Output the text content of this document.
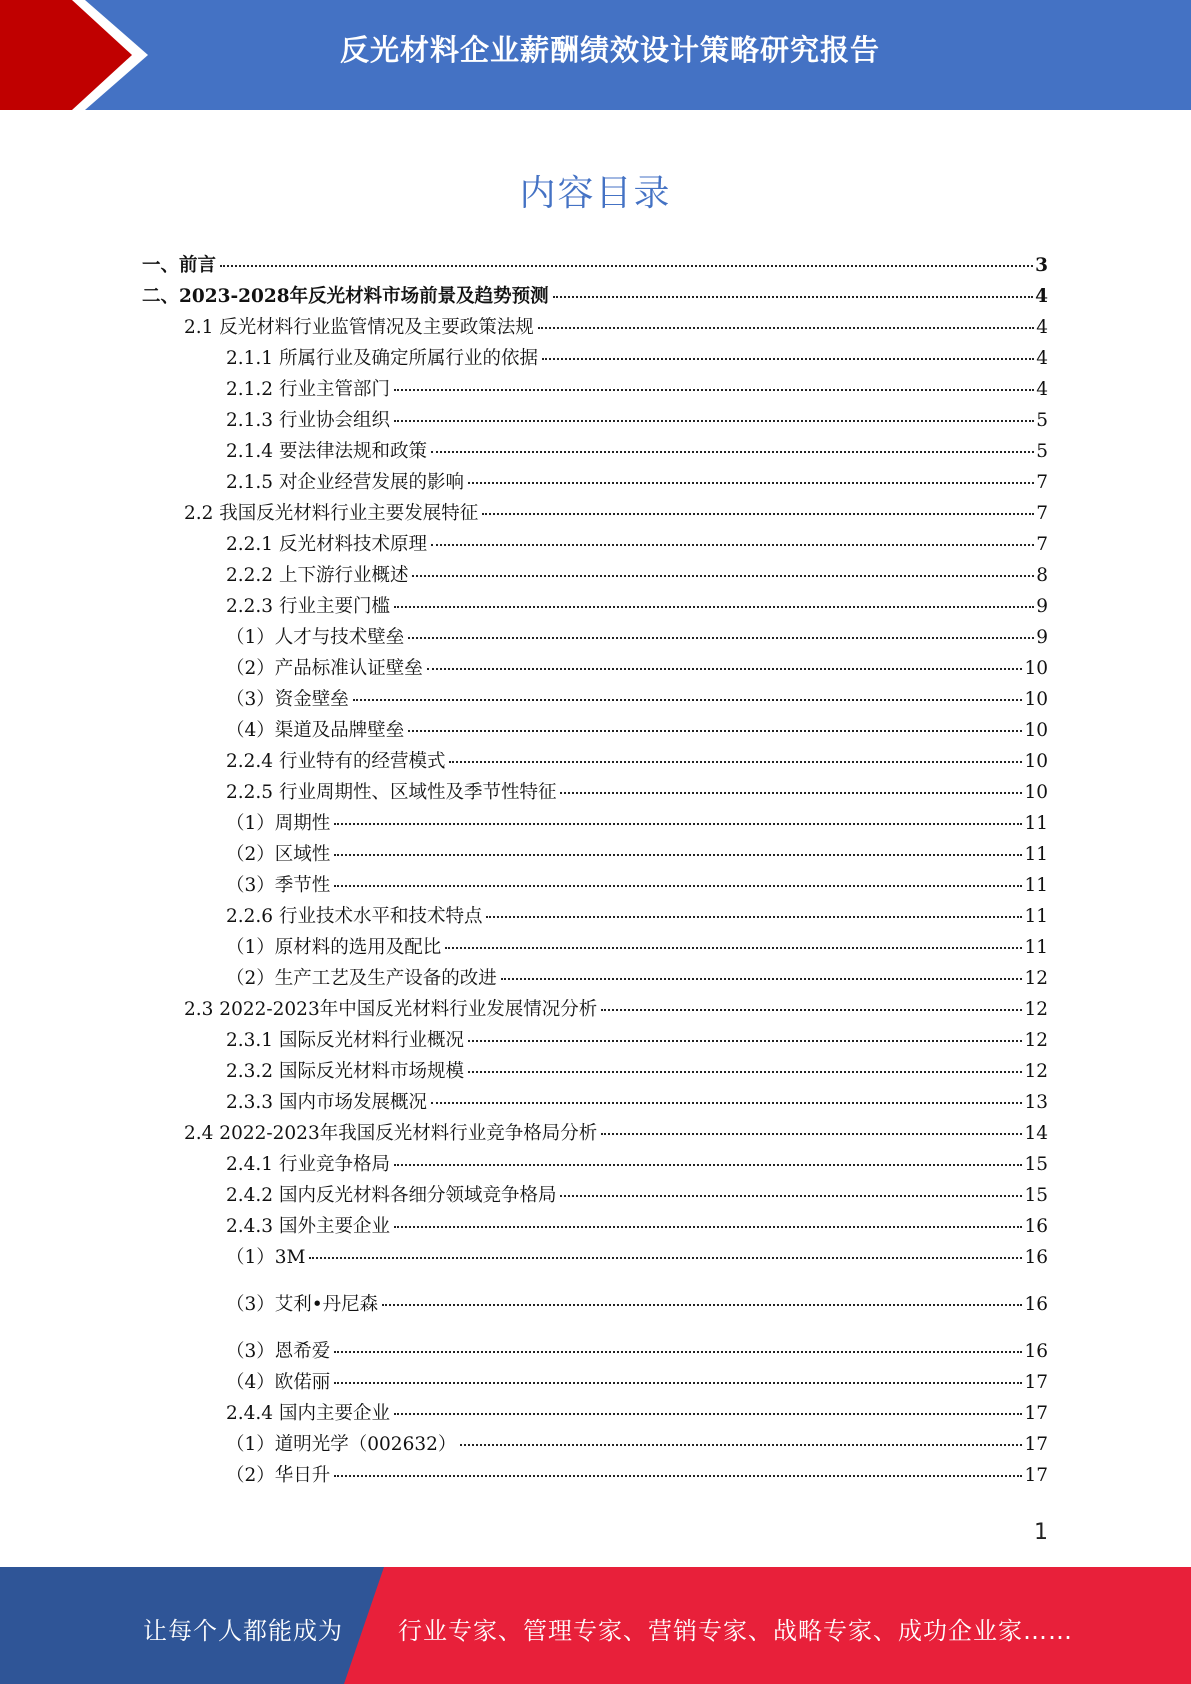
反光材料企业薪酬绩效设计策略研究报告
内容目录
一、前言	3
二、2023-2028年反光材料市场前景及趋势预测	4
2.1 反光材料行业监管情况及主要政策法规	4
2.1.1 所属行业及确定所属行业的依据	4
2.1.2 行业主管部门	4
2.1.3 行业协会组织	5
2.1.4 要法律法规和政策	5
2.1.5 对企业经营发展的影响	7
2.2 我国反光材料行业主要发展特征	7
2.2.1 反光材料技术原理	7
2.2.2 上下游行业概述	8
2.2.3 行业主要门槛	9
（1）人才与技术壁垒	9
（2）产品标准认证壁垒	10
（3）资金壁垒	10
（4）渠道及品牌壁垒	10
2.2.4 行业特有的经营模式	10
2.2.5 行业周期性、区域性及季节性特征	10
（1）周期性	11
（2）区域性	11
（3）季节性	11
2.2.6 行业技术水平和技术特点	11
（1）原材料的选用及配比	11
（2）生产工艺及生产设备的改进	12
2.3 2022-2023年中国反光材料行业发展情况分析	12
2.3.1 国际反光材料行业概况	12
2.3.2 国际反光材料市场规模	12
2.3.3 国内市场发展概况	13
2.4 2022-2023年我国反光材料行业竞争格局分析	14
2.4.1 行业竞争格局	15
2.4.2 国内反光材料各细分领域竞争格局	15
2.4.3 国外主要企业	16
（1）3M	16
（3）艾利•丹尼森	16
（3）恩希爱	16
（4）欧偌丽	17
2.4.4 国内主要企业	17
（1）道明光学（002632）	17
（2）华日升	17
1
让每个人都能成为 行业专家、管理专家、营销专家、战略专家、成功企业家……
